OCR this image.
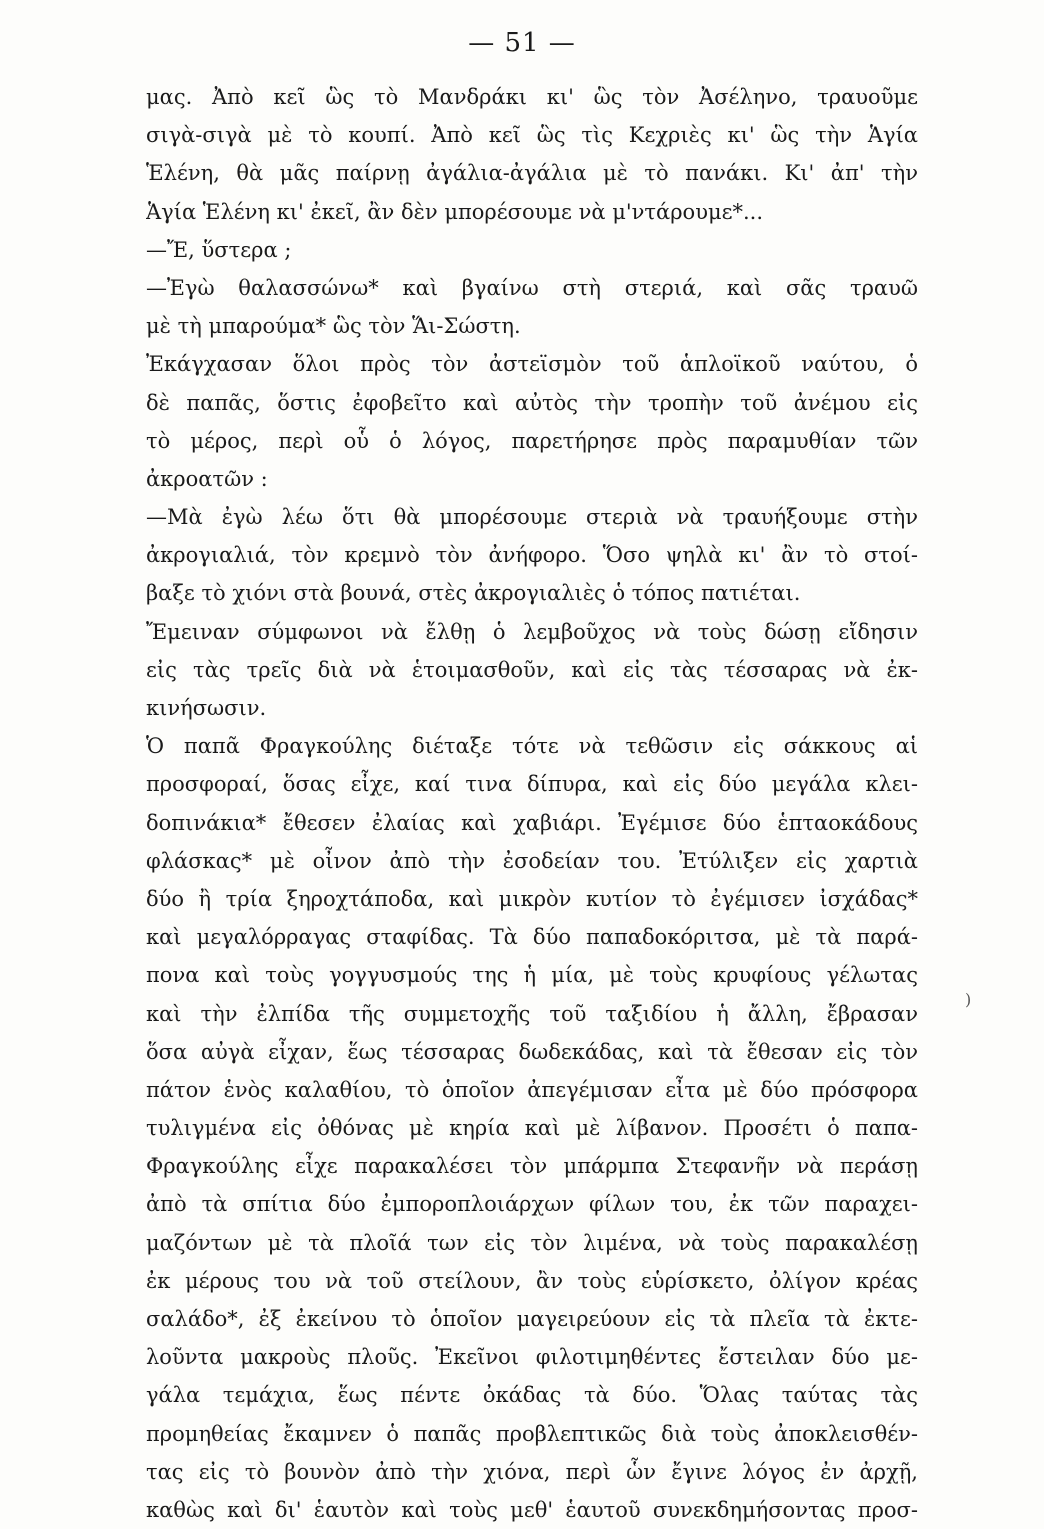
— 51 —
μας. Ἀπὸ κεῖ ὣς τὸ Μανδράκι κι' ὣς τὸν Ἀσέληνο, τραυοῦμε
σιγὰ-σιγὰ μὲ τὸ κουπί. Ἀπὸ κεῖ ὣς τὶς Κεχριὲς κι' ὣς τὴν Ἁγία
Ἑλένη, θὰ μᾶς παίρνῃ ἀγάλια-ἀγάλια μὲ τὸ πανάκι. Κι' ἀπ' τὴν
Ἁγία Ἑλένη κι' ἐκεῖ, ἂν δὲν μπορέσουμε νὰ μ'ντάρουμε*...
—Ἔ, ὕστερα ;
—Ἐγὼ θαλασσώνω* καὶ βγαίνω στὴ στεριά, καὶ σᾶς τραυῶ
μὲ τὴ μπαρούμα* ὣς τὸν Ἅι-Σώστη.
Ἐκάγχασαν ὅλοι πρὸς τὸν ἀστεϊσμὸν τοῦ ἁπλοϊκοῦ ναύτου, ὁ
δὲ παπᾶς, ὅστις ἐφοβεῖτο καὶ αὐτὸς τὴν τροπὴν τοῦ ἀνέμου εἰς
τὸ μέρος, περὶ οὗ ὁ λόγος, παρετήρησε πρὸς παραμυθίαν τῶν
ἀκροατῶν :
—Μὰ ἐγὼ λέω ὅτι θὰ μπορέσουμε στεριὰ νὰ τραυήξουμε στὴν
ἀκρογιαλιά, τὸν κρεμνὸ τὸν ἀνήφορο. Ὅσο ψηλὰ κι' ἂν τὸ στοί-
βαξε τὸ χιόνι στὰ βουνά, στὲς ἀκρογιαλιὲς ὁ τόπος πατιέται.
Ἔμειναν σύμφωνοι νὰ ἔλθῃ ὁ λεμβοῦχος νὰ τοὺς δώσῃ εἴδησιν
εἰς τὰς τρεῖς διὰ νὰ ἑτοιμασθοῦν, καὶ εἰς τὰς τέσσαρας νὰ ἐκ-
κινήσωσιν.
Ὁ παπᾶ Φραγκούλης διέταξε τότε νὰ τεθῶσιν εἰς σάκκους αἱ
προσφοραί, ὅσας εἶχε, καί τινα δίπυρα, καὶ εἰς δύο μεγάλα κλει-
δοπινάκια* ἔθεσεν ἐλαίας καὶ χαβιάρι. Ἐγέμισε δύο ἑπταοκάδους
φλάσκας* μὲ οἶνον ἀπὸ τὴν ἐσοδείαν του. Ἐτύλιξεν εἰς χαρτιὰ
δύο ἢ τρία ξηροχτάποδα, καὶ μικρὸν κυτίον τὸ ἐγέμισεν ἰσχάδας*
καὶ μεγαλόρραγας σταφίδας. Τὰ δύο παπαδοκόριτσα, μὲ τὰ παρά-
πονα καὶ τοὺς γογγυσμούς της ἡ μία, μὲ τοὺς κρυφίους γέλωτας
καὶ τὴν ἐλπίδα τῆς συμμετοχῆς τοῦ ταξιδίου ἡ ἄλλη, ἔβρασαν
ὅσα αὐγὰ εἶχαν, ἕως τέσσαρας δωδεκάδας, καὶ τὰ ἔθεσαν εἰς τὸν
πάτον ἑνὸς καλαθίου, τὸ ὁποῖον ἀπεγέμισαν εἶτα μὲ δύο πρόσφορα
τυλιγμένα εἰς ὀθόνας μὲ κηρία καὶ μὲ λίβανον. Προσέτι ὁ παπα-
Φραγκούλης εἶχε παρακαλέσει τὸν μπάρμπα Στεφανῆν νὰ περάσῃ
ἀπὸ τὰ σπίτια δύο ἐμποροπλοιάρχων φίλων του, ἐκ τῶν παραχει-
μαζόντων μὲ τὰ πλοῖά των εἰς τὸν λιμένα, νὰ τοὺς παρακαλέσῃ
ἐκ μέρους του νὰ τοῦ στείλουν, ἂν τοὺς εὑρίσκετο, ὀλίγον κρέας
σαλάδο*, ἐξ ἐκείνου τὸ ὁποῖον μαγειρεύουν εἰς τὰ πλεῖα τὰ ἐκτε-
λοῦντα μακροὺς πλοῦς. Ἐκεῖνοι φιλοτιμηθέντες ἔστειλαν δύο με-
γάλα τεμάχια, ἕως πέντε ὀκάδας τὰ δύο. Ὅλας ταύτας τὰς
προμηθείας ἔκαμνεν ὁ παπᾶς προβλεπτικῶς διὰ τοὺς ἀποκλεισθέν-
τας εἰς τὸ βουνὸν ἀπὸ τὴν χιόνα, περὶ ὧν ἔγινε λόγος ἐν ἀρχῇ,
καθὼς καὶ δι' ἑαυτὸν καὶ τοὺς μεθ' ἑαυτοῦ συνεκδημήσοντας προσ-
)
